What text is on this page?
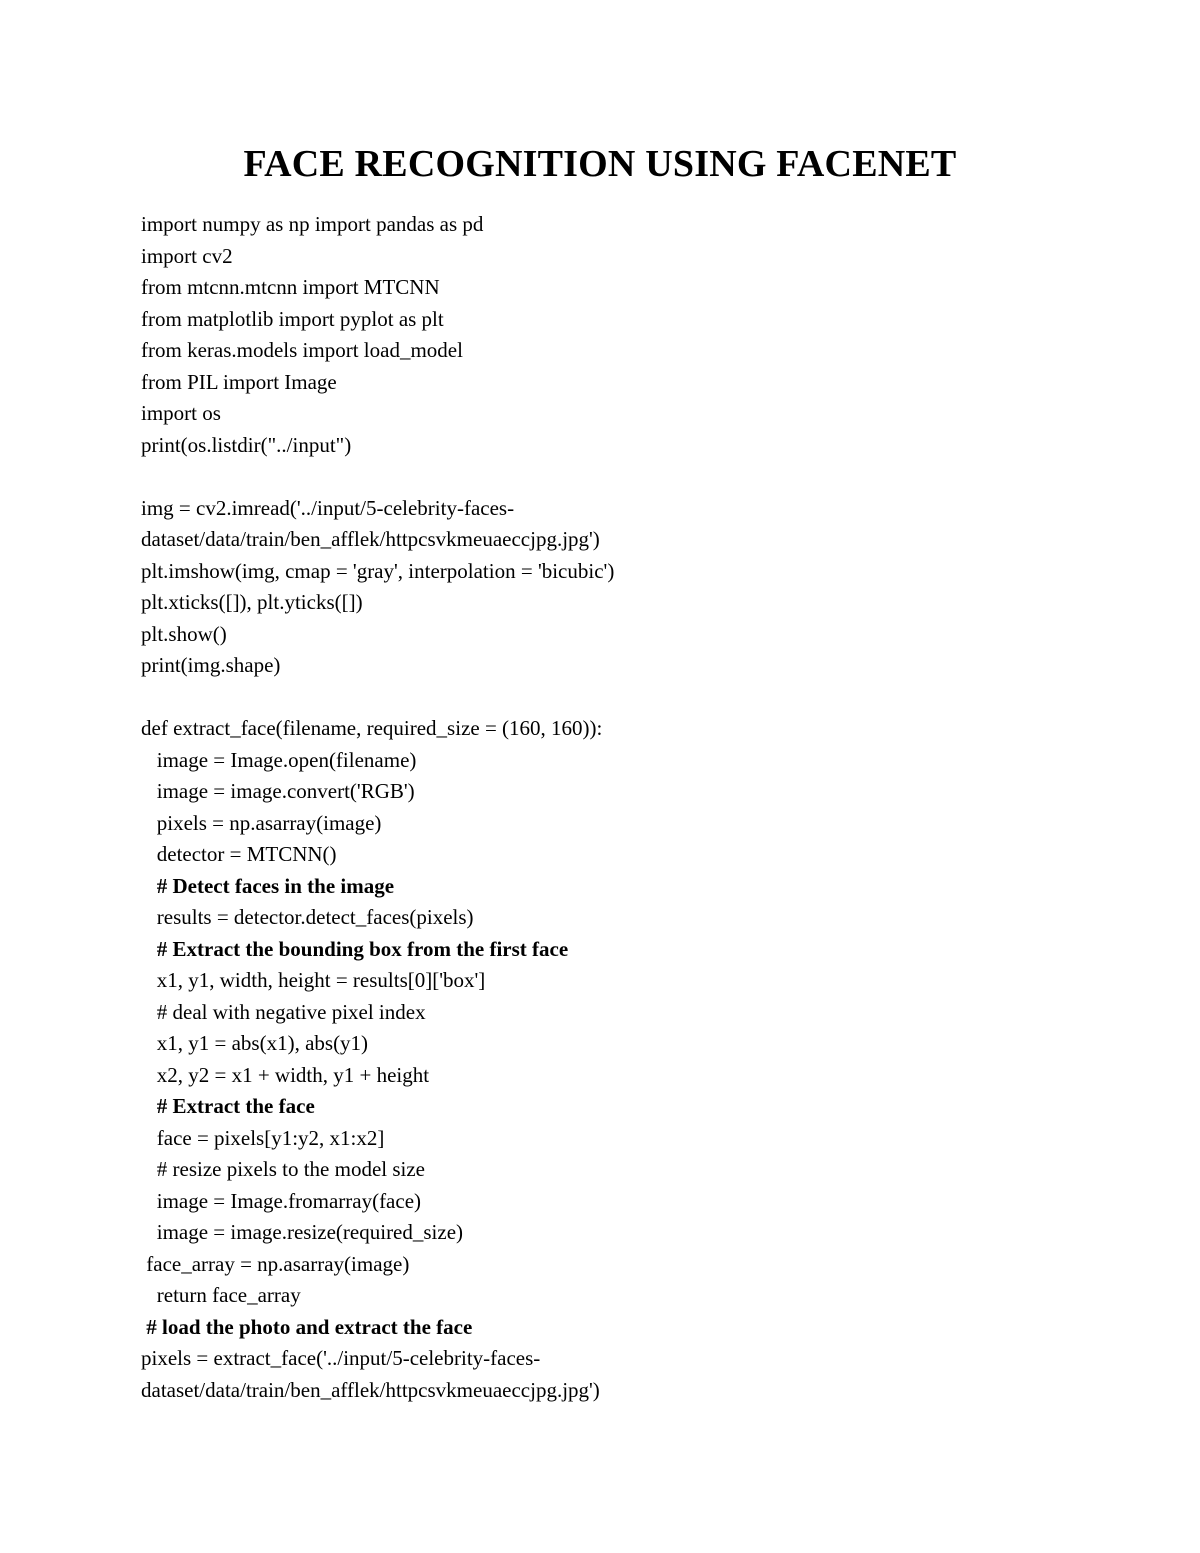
FACE RECOGNITION USING FACENET
import numpy as np import pandas as pd
import cv2
from mtcnn.mtcnn import MTCNN
from matplotlib import pyplot as plt
from keras.models import load_model
from PIL import Image
import os
print(os.listdir("../input")
img = cv2.imread('../input/5-celebrity-faces-
dataset/data/train/ben_afflek/httpcsvkmeuaeccjpg.jpg')
plt.imshow(img, cmap = 'gray', interpolation = 'bicubic')
plt.xticks([]), plt.yticks([])
plt.show()
print(img.shape)
def extract_face(filename, required_size = (160, 160)):
image = Image.open(filename)
image = image.convert('RGB')
pixels = np.asarray(image)
detector = MTCNN()
# Detect faces in the image
results = detector.detect_faces(pixels)
# Extract the bounding box from the first face
x1, y1, width, height = results[0]['box']
# deal with negative pixel index
x1, y1 = abs(x1), abs(y1)
x2, y2 = x1 + width, y1 + height
# Extract the face
face = pixels[y1:y2, x1:x2]
# resize pixels to the model size
image = Image.fromarray(face)
image = image.resize(required_size)
face_array = np.asarray(image)
return face_array
# load the photo and extract the face
pixels = extract_face('../input/5-celebrity-faces-
dataset/data/train/ben_afflek/httpcsvkmeuaeccjpg.jpg')
